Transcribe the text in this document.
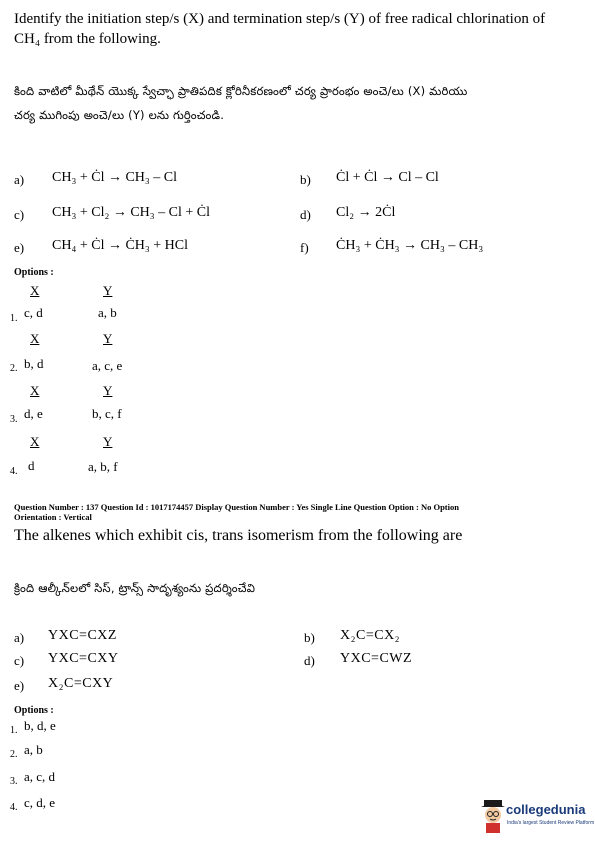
Identify the initiation step/s (X) and termination step/s (Y) of free radical chlorination of
CH₄ from the following.
కింది వాటిలో మీథేన్ యొక్క స్వేచ్ఛా ప్రాతిపదిక క్లోరినీకరణంలో చర్య ప్రారంభం అంచె/లు (X) మరియు
చర్య ముగింపు అంచె/లు (Y) లను గుర్తించండి.
a) CH₃ + Ċl → CH₃ – Cl	b) Ċl + Ċl → Cl – Cl
c) CH₃ + Cl₂ → CH₃ – Cl + Ċl	d) Cl₂ → 2Ċl
e) CH₄ + Ċl → ĊH₃ + HCl	f) ĊH₃ + ĊH₃ → CH₃ – CH₃
Options :
X	Y
1. c, d	a, b
X	Y
2. b, d	a, c, e
X	Y
3. d, e	b, c, f
X	Y
4. d	a, b, f
Question Number : 137 Question Id : 1017174457 Display Question Number : Yes Single Line Question Option : No Option
Orientation : Vertical
The alkenes which exhibit cis, trans isomerism from the following are
క్రింది ఆల్కీన్‌లలో సిస్, ట్రాన్స్ సాదృశ్యంను ప్రదర్శించేవి
a) YXC=CXZ	b) X₂C=CX₂
c) YXC=CXY	d) YXC=CWZ
e) X₂C=CXY
Options :
1. b, d, e
2. a, b
3. a, c, d
4. c, d, e	collegedunia
India's largest Student Review Platform
